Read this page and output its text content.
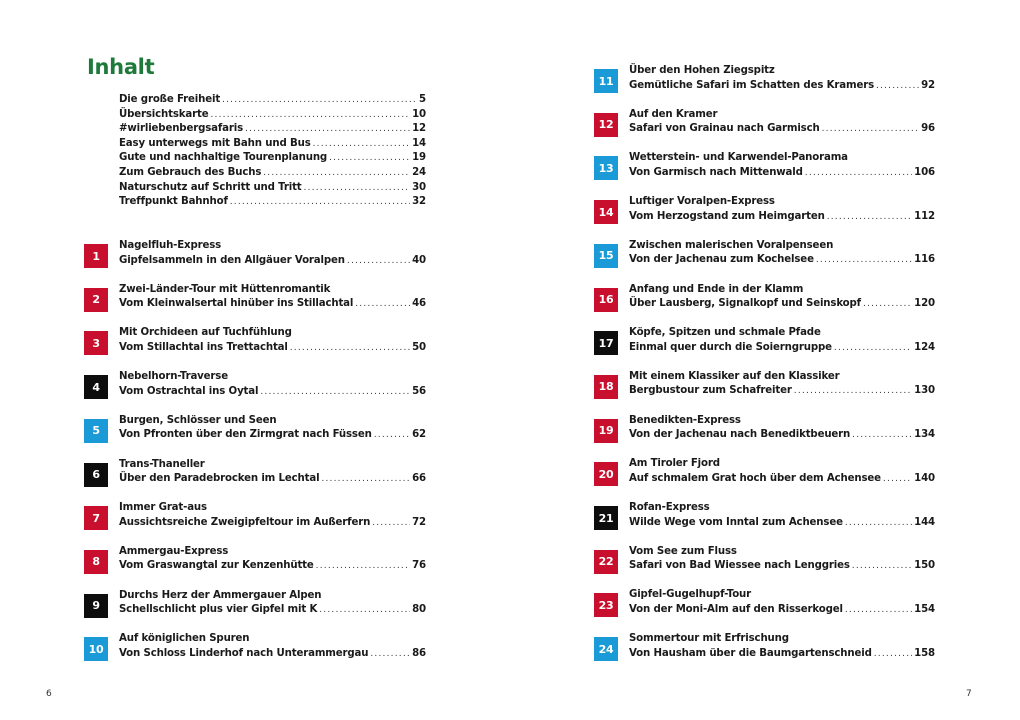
Inhalt
Die große Freiheit .....	5
Übersichtskarte .....	10
#wirliebenbergsafaris .....	12
Easy unterwegs mit Bahn und Bus .....	14
Gute und nachhaltige Tourenplanung .....	19
Zum Gebrauch des Buchs .....	24
Naturschutz auf Schritt und Tritt .....	30
Treffpunkt Bahnhof .....	32
1
Nagelfluh-Express
Gipfelsammeln in den Allgäuer Voralpen .....	40
2
Zwei-Länder-Tour mit Hüttenromantik
Vom Kleinwalsertal hinüber ins Stillachtal .....	46
3
Mit Orchideen auf Tuchfühlung
Vom Stillachtal ins Trettachtal .....	50
4
Nebelhorn-Traverse
Vom Ostrachtal ins Oytal .....	56
5
Burgen, Schlösser und Seen
Von Pfronten über den Zirmgrat nach Füssen .....	62
6
Trans-Thaneller
Über den Paradebrocken im Lechtal .....	66
7
Immer Grat-aus
Aussichtsreiche Zweigipfeltour im Außerfern .....	72
8
Ammergau-Express
Vom Graswangtal zur Kenzenhütte .....	76
9
Durchs Herz der Ammergauer Alpen
Schellschlicht plus vier Gipfel mit K .....	80
10
Auf königlichen Spuren
Von Schloss Linderhof nach Unterammergau .....	86
6
11
Über den Hohen Ziegspitz
Gemütliche Safari im Schatten des Kramers .....	92
12
Auf den Kramer
Safari von Grainau nach Garmisch .....	96
13
Wetterstein- und Karwendel-Panorama
Von Garmisch nach Mittenwald .....	106
14
Luftiger Voralpen-Express
Vom Herzogstand zum Heimgarten .....	112
15
Zwischen malerischen Voralpenseen
Von der Jachenau zum Kochelsee .....	116
16
Anfang und Ende in der Klamm
Über Lausberg, Signalkopf und Seinskopf .....	120
17
Köpfe, Spitzen und schmale Pfade
Einmal quer durch die Soierngruppe .....	124
18
Mit einem Klassiker auf den Klassiker
Bergbustour zum Schafreiter .....	130
19
Benedikten-Express
Von der Jachenau nach Benediktbeuern .....	134
20
Am Tiroler Fjord
Auf schmalem Grat hoch über dem Achensee .....	140
21
Rofan-Express
Wilde Wege vom Inntal zum Achensee .....	144
22
Vom See zum Fluss
Safari von Bad Wiessee nach Lenggries .....	150
23
Gipfel-Gugelhupf-Tour
Von der Moni-Alm auf den Risserkogel .....	154
24
Sommertour mit Erfrischung
Von Hausham über die Baumgartenschneid .....	158
7
